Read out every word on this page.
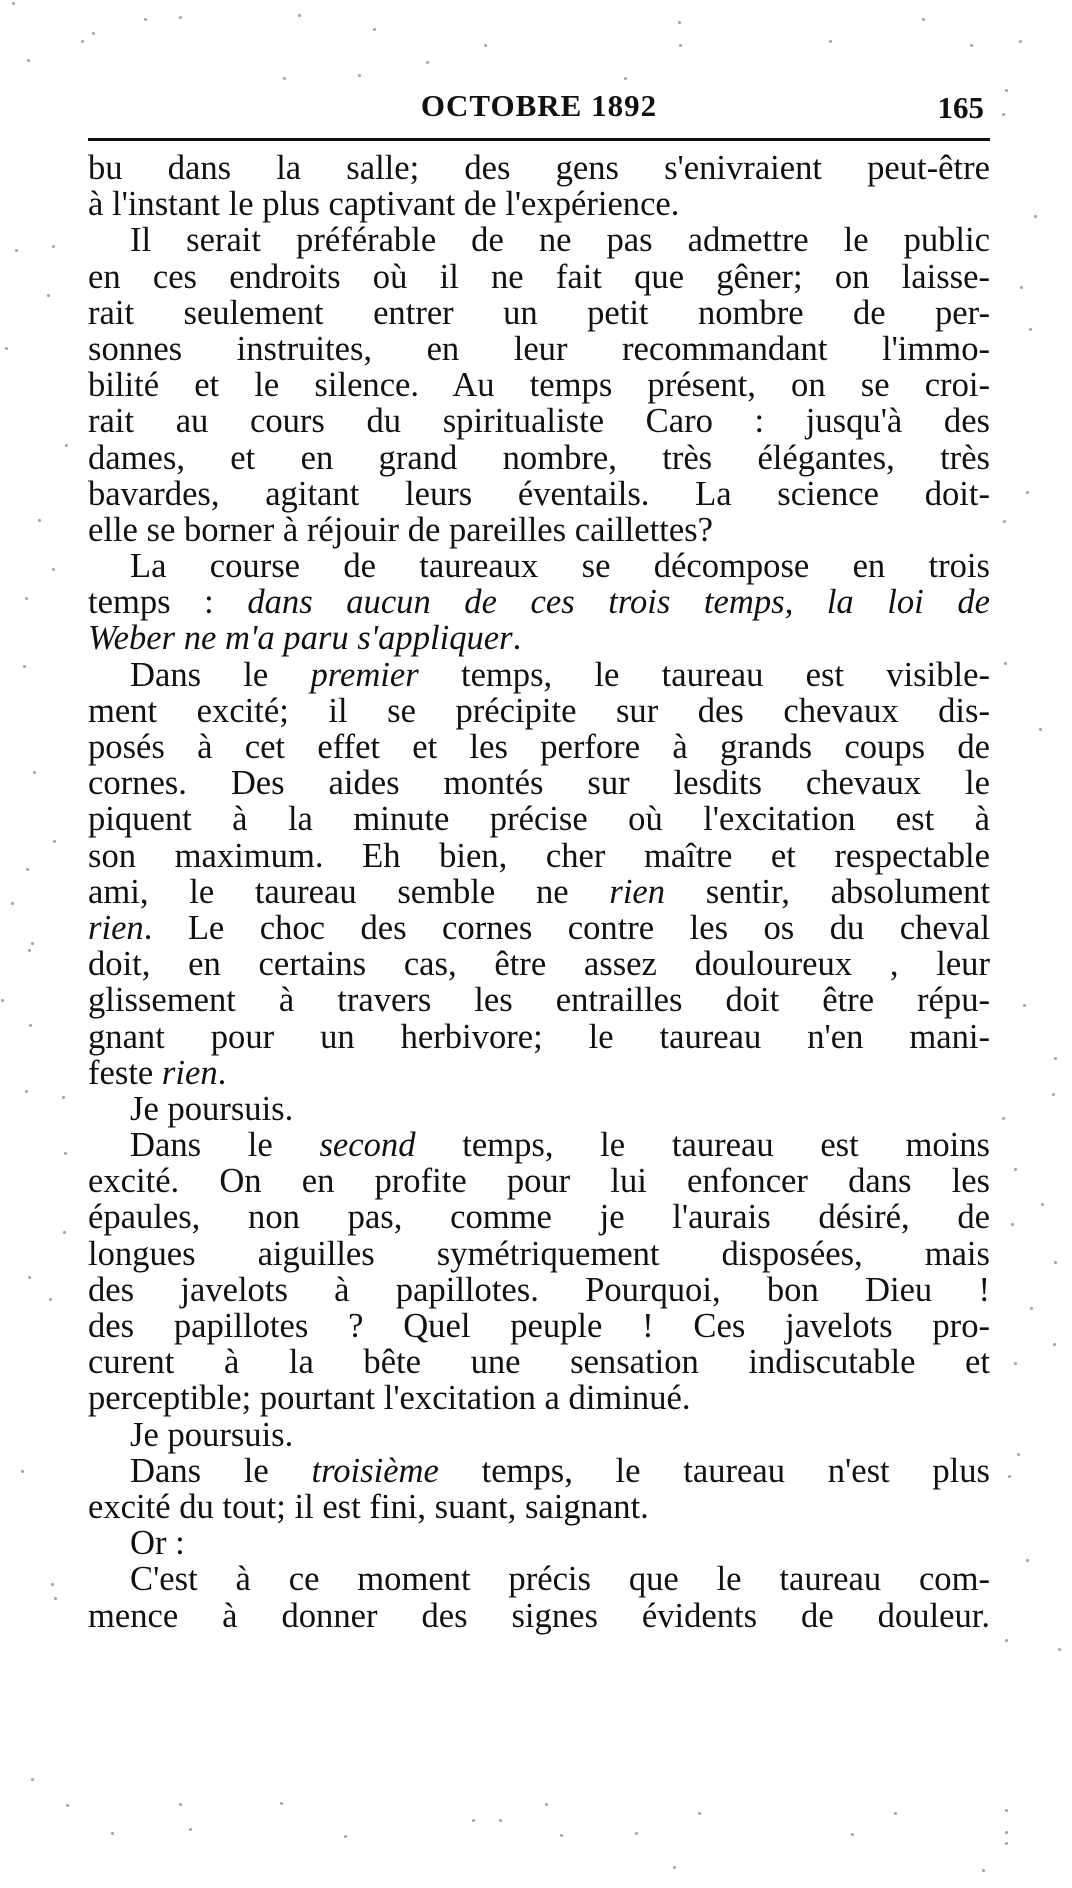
OCTOBRE 1892	165
bu dans la salle; des gens s'enivraient peut-être
à l'instant le plus captivant de l'expérience.
Il serait préférable de ne pas admettre le public
en ces endroits où il ne fait que gêner; on laisse-
rait seulement entrer un petit nombre de per-
sonnes instruites, en leur recommandant l'immo-
bilité et le silence. Au temps présent, on se croi-
rait au cours du spiritualiste Caro : jusqu'à des
dames, et en grand nombre, très élégantes, très
bavardes, agitant leurs éventails. La science doit-
elle se borner à réjouir de pareilles caillettes?
La course de taureaux se décompose en trois
temps : dans aucun de ces trois temps, la loi de
Weber ne m'a paru s'appliquer.
Dans le premier temps, le taureau est visible-
ment excité; il se précipite sur des chevaux dis-
posés à cet effet et les perfore à grands coups de
cornes. Des aides montés sur lesdits chevaux le
piquent à la minute précise où l'excitation est à
son maximum. Eh bien, cher maître et respectable
ami, le taureau semble ne rien sentir, absolument
rien. Le choc des cornes contre les os du cheval
doit, en certains cas, être assez douloureux , leur
glissement à travers les entrailles doit être répu-
gnant pour un herbivore; le taureau n'en mani-
feste rien.
Je poursuis.
Dans le second temps, le taureau est moins
excité. On en profite pour lui enfoncer dans les
épaules, non pas, comme je l'aurais désiré, de
longues aiguilles symétriquement disposées, mais
des javelots à papillotes. Pourquoi, bon Dieu !
des papillotes ? Quel peuple ! Ces javelots pro-
curent à la bête une sensation indiscutable et
perceptible; pourtant l'excitation a diminué.
Je poursuis.
Dans le troisième temps, le taureau n'est plus
excité du tout; il est fini, suant, saignant.
Or :
C'est à ce moment précis que le taureau com-
mence à donner des signes évidents de douleur.
